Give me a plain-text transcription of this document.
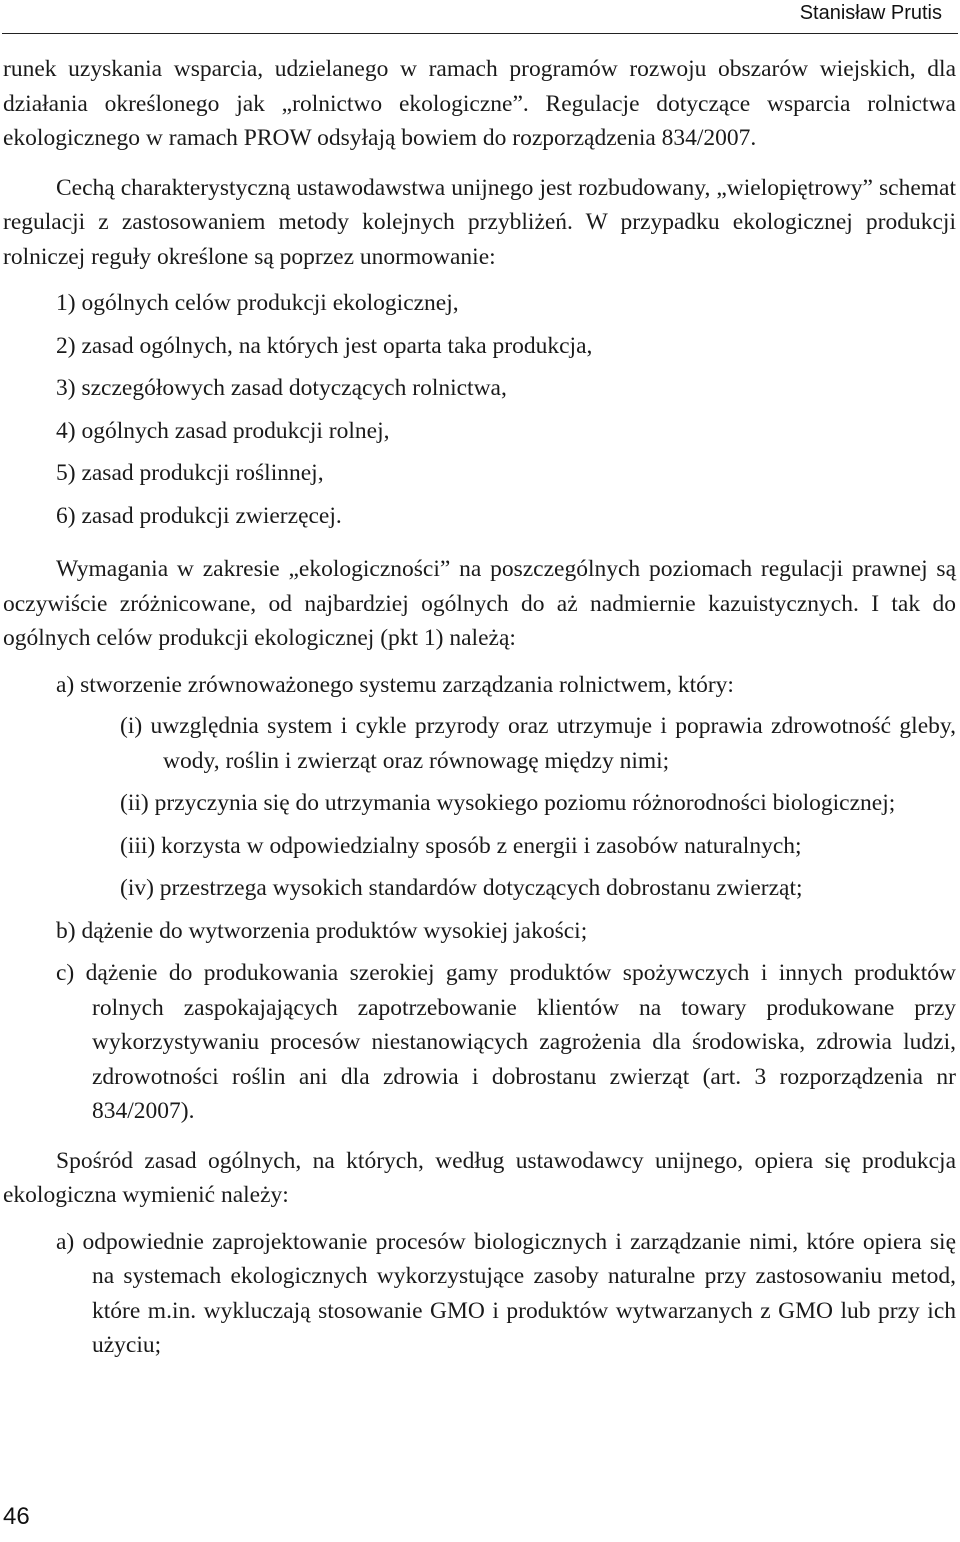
Stanisław Prutis

runek uzyskania wsparcia, udzielanego w ramach programów rozwoju obszarów wiejskich, dla działania określonego jak „rolnictwo ekologiczne”. Regulacje dotyczące wsparcia rolnictwa ekologicznego w ramach PROW odsyłają bowiem do rozporządzenia 834/2007.

Cechą charakterystyczną ustawodawstwa unijnego jest rozbudowany, „wielopiętrowy” schemat regulacji z zastosowaniem metody kolejnych przybliżeń. W przypadku ekologicznej produkcji rolniczej reguły określone są poprzez unormowanie:

1) ogólnych celów produkcji ekologicznej,
2) zasad ogólnych, na których jest oparta taka produkcja,
3) szczegółowych zasad dotyczących rolnictwa,
4) ogólnych zasad produkcji rolnej,
5) zasad produkcji roślinnej,
6) zasad produkcji zwierzęcej.

Wymagania w zakresie „ekologiczności” na poszczególnych poziomach regulacji prawnej są oczywiście zróżnicowane, od najbardziej ogólnych do aż nadmiernie kazuistycznych. I tak do ogólnych celów produkcji ekologicznej (pkt 1) należą:

a) stworzenie zrównoważonego systemu zarządzania rolnictwem, który:
(i) uwzględnia system i cykle przyrody oraz utrzymuje i poprawia zdrowotność gleby, wody, roślin i zwierząt oraz równowagę między nimi;
(ii) przyczynia się do utrzymania wysokiego poziomu różnorodności biologicznej;
(iii) korzysta w odpowiedzialny sposób z energii i zasobów naturalnych;
(iv) przestrzega wysokich standardów dotyczących dobrostanu zwierząt;
b) dążenie do wytworzenia produktów wysokiej jakości;
c) dążenie do produkowania szerokiej gamy produktów spożywczych i innych produktów rolnych zaspokajających zapotrzebowanie klientów na towary produkowane przy wykorzystywaniu procesów niestanowiących zagrożenia dla środowiska, zdrowia ludzi, zdrowotności roślin ani dla zdrowia i dobrostanu zwierząt (art. 3 rozporządzenia nr 834/2007).

Spośród zasad ogólnych, na których, według ustawodawcy unijnego, opiera się produkcja ekologiczna wymienić należy:

a) odpowiednie zaprojektowanie procesów biologicznych i zarządzanie nimi, które opiera się na systemach ekologicznych wykorzystujące zasoby naturalne przy zastosowaniu metod, które m.in. wykluczają stosowanie GMO i produktów wytwarzanych z GMO lub przy ich użyciu;
46
